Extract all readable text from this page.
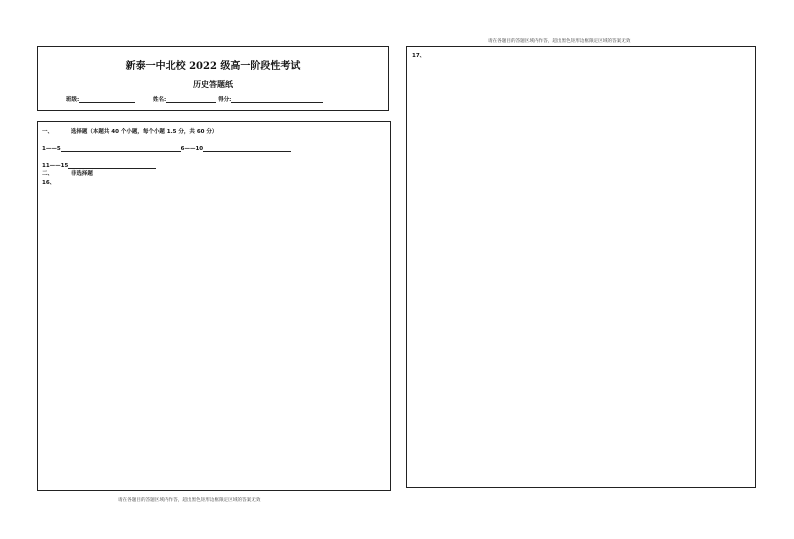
请在各题目的答题区域内作答，超出黑色矩形边框限定区域的答案无效
新泰一中北校 2022 级高一阶段性考试
历史答题纸
班级:	姓名:	得分:
一、	选择题（本题共 40 个小题，每个小题 1.5 分，共 60 分）
1——5	6——10
11——15
二、	非选择题
16、
请在各题目的答题区域内作答，超出黑色矩形边框限定区域的答案无效
17、
